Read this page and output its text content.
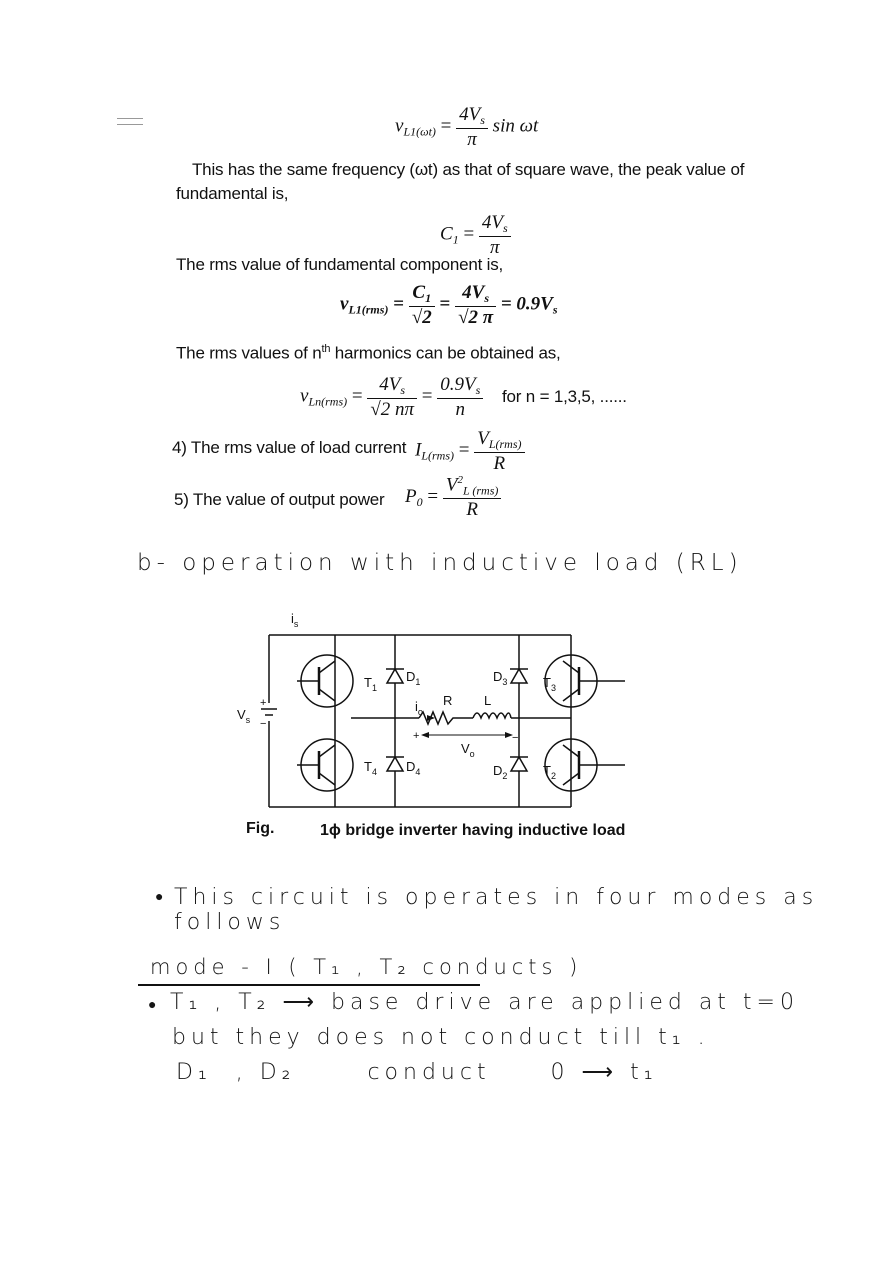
$v_{L1(\omega t)} = \frac{4V_s}{\pi}$ sin ωt
This has the same frequency (ωt) as that of square wave, the peak value of
fundamental is,
$C_1 = \frac{4V_s}{\pi}$
The rms value of fundamental component is,
$v_{L1(rms)} = \frac{C_1}{√2} = \frac{4V_s}{√2 \pi} = 0.9V_s$
The rms values of $n^{th}$ harmonics can be obtained as,
$v_{Ln(rms)} = \frac{4V_s}{√2 n\pi} = \frac{0.9V_s}{n}$ for n = 1,3,5, ......
4) The rms value of load current $I_{L(rms)} = \frac{V_{L(rms)}}{R}$
5) The value of output power $P_0 = \frac{V^2_{L (rms)}}{R}$
b- operation with inductive load (RL)
$i_s$
$V_s$
+
−
$T_1$
$D_1$	$D_3$	$T_3$
$T_4$ $D_4$	$D_2$	$T_2$
R L
$i_o$
$V_o$
+	−
Fig.	1ϕ bridge inverter having inductive load
● This circuit is operates in four modes as follows
mode - I ( T₁ , T₂ conducts )
● T₁ , T₂ ⟶ base drive are applied at t=0
but they does not conduct till t₁ .
D₁  , D₂      conduct     0 ⟶ t₁
